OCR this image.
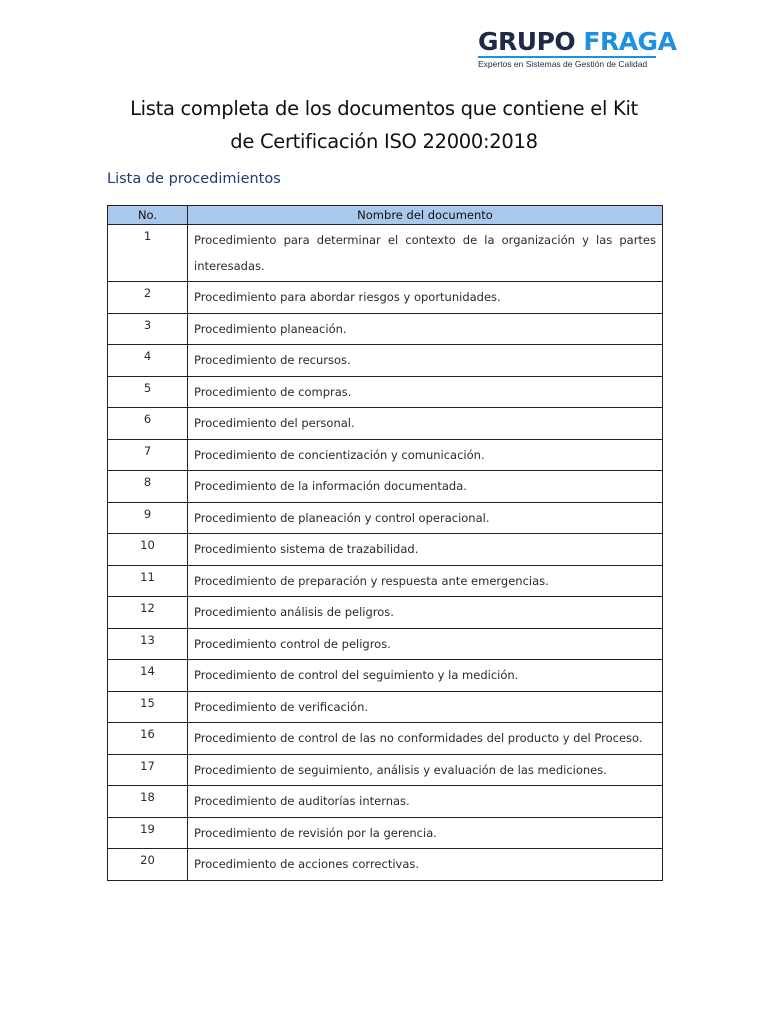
GRUPO FRAGA
Expertos en Sistemas de Gestión de Calidad
Lista completa de los documentos que contiene el Kit
de Certificación ISO 22000:2018
Lista de procedimientos
No.	Nombre del documento
1	Procedimiento para determinar el contexto de la organización y las partes interesadas.
2	Procedimiento para abordar riesgos y oportunidades.
3	Procedimiento planeación.
4	Procedimiento de recursos.
5	Procedimiento de compras.
6	Procedimiento del personal.
7	Procedimiento de concientización y comunicación.
8	Procedimiento de la información documentada.
9	Procedimiento de planeación y control operacional.
10	Procedimiento sistema de trazabilidad.
11	Procedimiento de preparación y respuesta ante emergencias.
12	Procedimiento análisis de peligros.
13	Procedimiento control de peligros.
14	Procedimiento de control del seguimiento y la medición.
15	Procedimiento de verificación.
16	Procedimiento de control de las no conformidades del producto y del Proceso.
17	Procedimiento de seguimiento, análisis y evaluación de las mediciones.
18	Procedimiento de auditorías internas.
19	Procedimiento de revisión por la gerencia.
20	Procedimiento de acciones correctivas.
